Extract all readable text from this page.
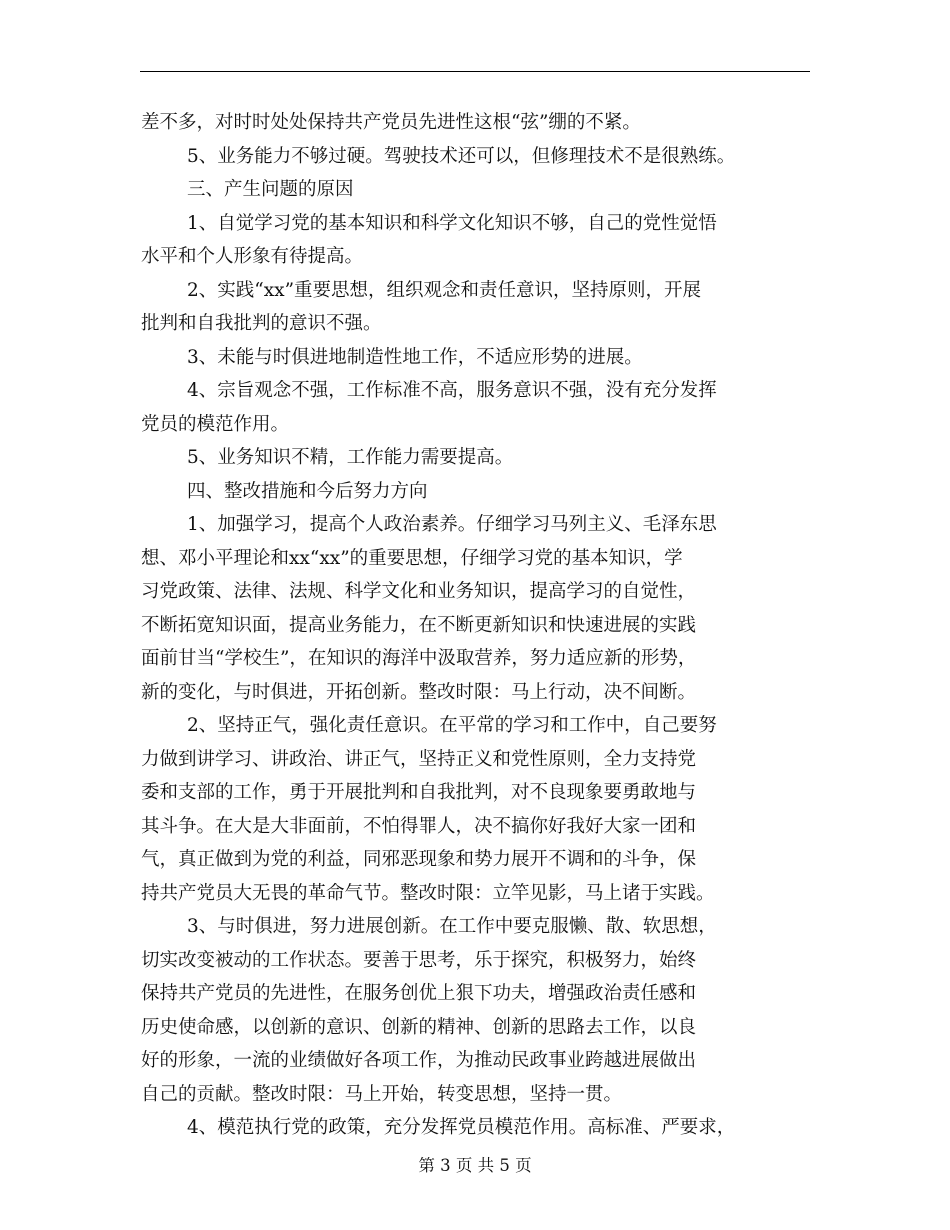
差不多，对时时处处保持共产党员先进性这根“弦”绷的不紧。
5、业务能力不够过硬。驾驶技术还可以，但修理技术不是很熟练。
三、产生问题的原因
1、自觉学习党的基本知识和科学文化知识不够，自己的党性觉悟
水平和个人形象有待提高。
2、实践“xx”重要思想，组织观念和责任意识，坚持原则，开展
批判和自我批判的意识不强。
3、未能与时俱进地制造性地工作，不适应形势的进展。
4、宗旨观念不强，工作标准不高，服务意识不强，没有充分发挥
党员的模范作用。
5、业务知识不精，工作能力需要提高。
四、整改措施和今后努力方向
1、加强学习，提高个人政治素养。仔细学习马列主义、毛泽东思
想、邓小平理论和xx“xx”的重要思想，仔细学习党的基本知识，学
习党政策、法律、法规、科学文化和业务知识，提高学习的自觉性，
不断拓宽知识面，提高业务能力，在不断更新知识和快速进展的实践
面前甘当“学校生”，在知识的海洋中汲取营养，努力适应新的形势，
新的变化，与时俱进，开拓创新。整改时限：马上行动，决不间断。
2、坚持正气，强化责任意识。在平常的学习和工作中，自己要努
力做到讲学习、讲政治、讲正气，坚持正义和党性原则，全力支持党
委和支部的工作，勇于开展批判和自我批判，对不良现象要勇敢地与
其斗争。在大是大非面前，不怕得罪人，决不搞你好我好大家一团和
气，真正做到为党的利益，同邪恶现象和势力展开不调和的斗争，保
持共产党员大无畏的革命气节。整改时限：立竿见影，马上诸于实践。
3、与时俱进，努力进展创新。在工作中要克服懒、散、软思想，
切实改变被动的工作状态。要善于思考，乐于探究，积极努力，始终
保持共产党员的先进性，在服务创优上狠下功夫，增强政治责任感和
历史使命感，以创新的意识、创新的精神、创新的思路去工作，以良
好的形象，一流的业绩做好各项工作，为推动民政事业跨越进展做出
自己的贡献。整改时限：马上开始，转变思想，坚持一贯。
4、模范执行党的政策，充分发挥党员模范作用。高标准、严要求，
第 3 页 共 5 页
